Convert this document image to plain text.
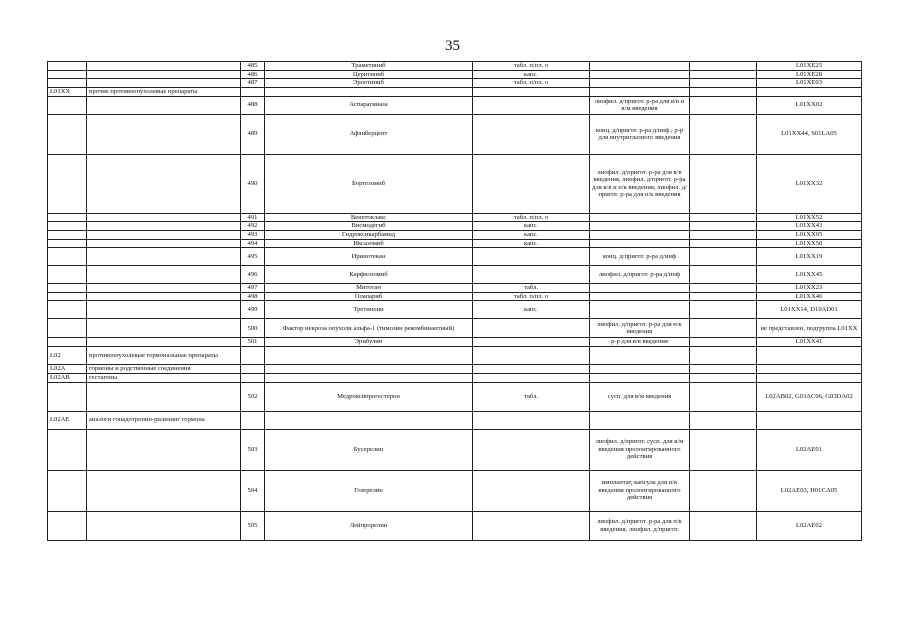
35
		485	Траметиниб	табл. п/пл. о			L01XE25
		486	Церитиниб	капс.			L01XE28
		487	Эрлотиниб	табл. п/пл. о			L01XE03
L01XX	прочие противоопухолевые препараты						
		488	Аспарагиназа		лиофил. д/пригот. р-ра для в/в и в/м введения		L01XX02
		489	Афлиберцепт		конц. д/пригот. р-ра д/инф.; р-р для внутриглазного введения		L01XX44, S01LA05
		490	Бортезомиб		лиофил. д/пригот. р-ра для в/в введения, лиофил. д/пригот. р-ра для в/в и п/к введения, лиофил. д/пригот. р-ра для п/к введения		L01XX32
		491	Венетоклакс	табл. п/пл. о			L01XX52
		492	Висмодегиб	капс.			L01XX43
		493	Гидроксикарбамид	капс.			L01XX05
		494	Иксазомиб	капс.			L01XX50
		495	Иринотекан		конц. д/пригот. р-ра д/инф		L01XX19
		496	Карфилзомиб		лиофил. д/пригот. р-ра д/инф		L01XX45
		497	Митотан	табл.			L01XX23
		498	Олапариб	табл. п/пл. о			L01XX46
		499	Третиноин	капс.			L01XX14, D10AD01
		500	Фактор некроза опухоли альфа-1 (тимозин рекомбинантный)		лиофил. д/пригот. р-ра для п/к введения		не представлен, подгруппа L01XX
		501	Эрибулин		р-р для в/в введения		L01XX41
L02	противоопухолевые гормональные препараты						
L02A	гормоны и родственные соединения						
L02AB	гестагены						
		502	Медроксипрогестерон	табл.	сусп. для в/м введения		L02AB02, G03AC06, G03DA02
L02AE	аналоги гонадотропин-рилизинг гормона						
		503	Бусерелин		лиофил. д/пригот. сусп. для в/м введения пролонгированного действия		L02AE01
		504	Гозерелин		имплантат, капсула для п/к введения пролонгированного действия		L02AE03, H01CA05
		505	Лейпрорелин		лиофил. д/пригот. р-ра для п/к введения, лиофил. д/пригот.		L02AE02
